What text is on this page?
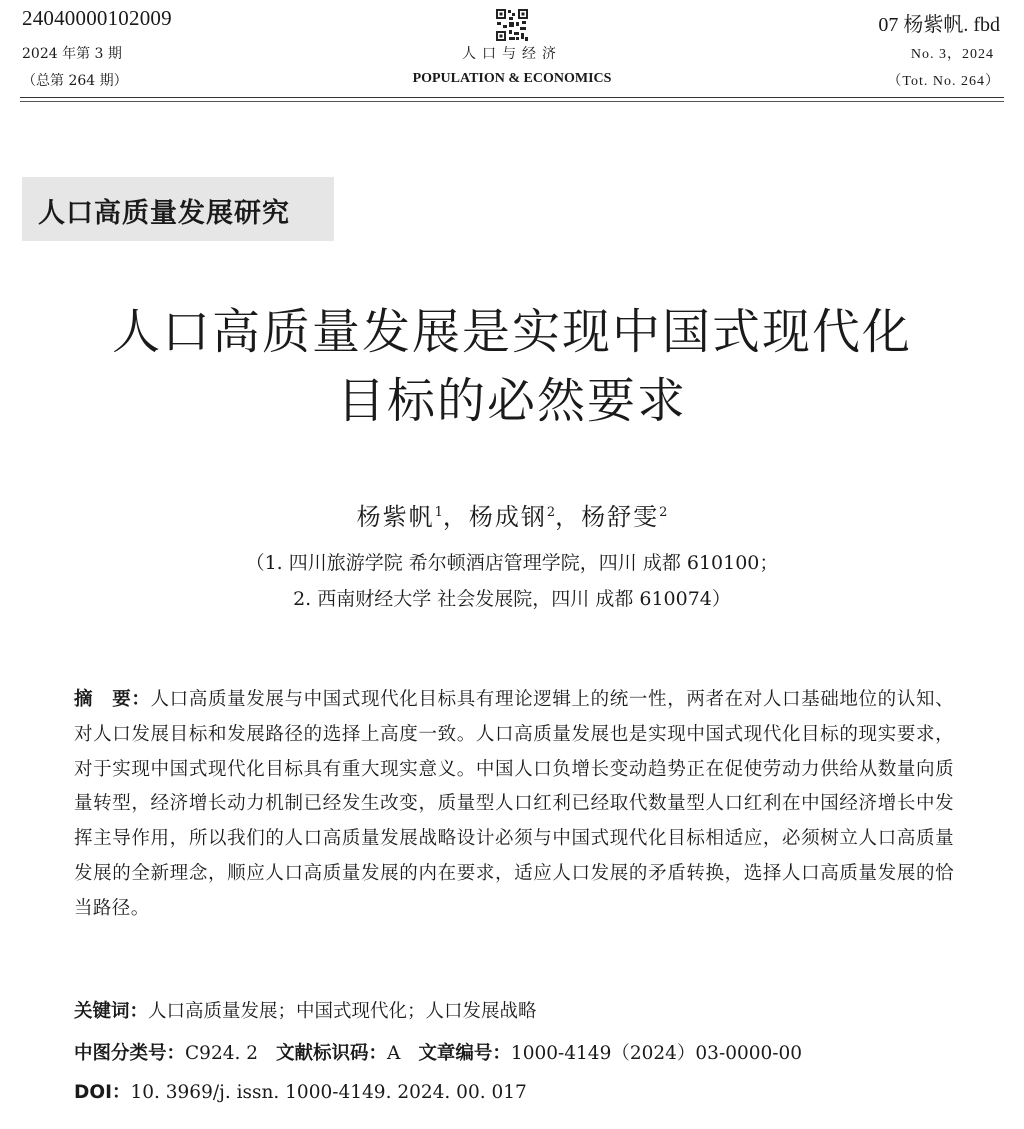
24040000102009
2024 年第 3 期
（总第 264 期）
人口与经济
POPULATION & ECONOMICS
07 杨紫帆. fbd
No. 3，2024
（Tot. No. 264）
人口高质量发展研究
人口高质量发展是实现中国式现代化
目标的必然要求
杨紫帆$^1$，杨成钢$^2$，杨舒雯$^2$
（1. 四川旅游学院 希尔顿酒店管理学院，四川 成都 610100；
2. 西南财经大学 社会发展院，四川 成都 610074）
摘　要：人口高质量发展与中国式现代化目标具有理论逻辑上的统一性，两者在对人口基础地位的认知、对人口发展目标和发展路径的选择上高度一致。人口高质量发展也是实现中国式现代化目标的现实要求，对于实现中国式现代化目标具有重大现实意义。中国人口负增长变动趋势正在促使劳动力供给从数量向质量转型，经济增长动力机制已经发生改变，质量型人口红利已经取代数量型人口红利在中国经济增长中发挥主导作用，所以我们的人口高质量发展战略设计必须与中国式现代化目标相适应，必须树立人口高质量发展的全新理念，顺应人口高质量发展的内在要求，适应人口发展的矛盾转换，选择人口高质量发展的恰当路径。
关键词：人口高质量发展；中国式现代化；人口发展战略
中图分类号：C924. 2 文献标识码：A 文章编号：1000-4149（2024）03-0000-00
DOI：10. 3969/j. issn. 1000-4149. 2024. 00. 017
